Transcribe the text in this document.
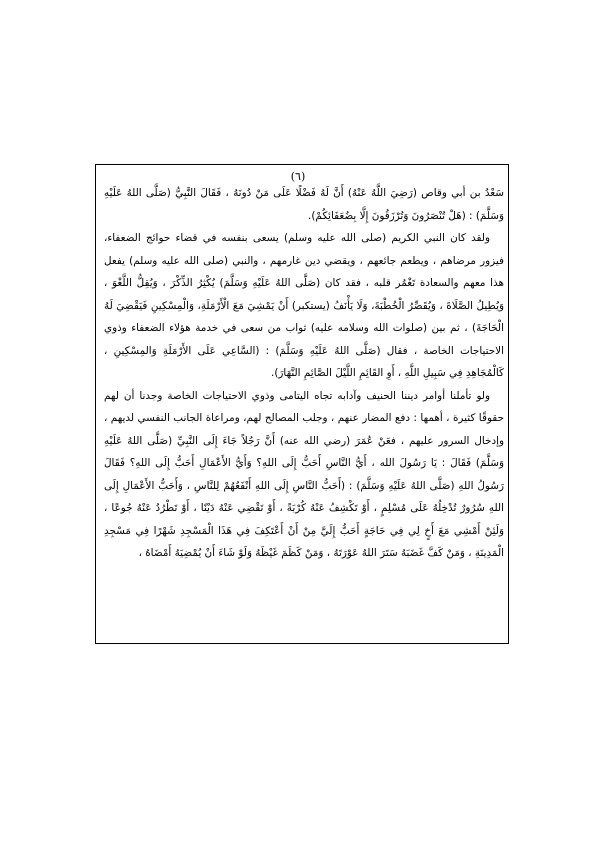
(٦)

سَعْدُ بن أبي وقاص (رَضِيَ اللَّهُ عَنْهُ) أَنَّ لَهُ فَضْلًا عَلَى مَنْ دُونَهُ ، فَقَالَ النَّبِيُّ (صَلَّى اللهُ عَلَيْهِ وَسَلَّمَ) : (هَلْ تُنْصَرُونَ وَتُرْزَقُونَ إِلَّا بِضُعَفَائِكُمْ).

ولقد كان النبي الكريم (صلى الله عليه وسلم) يسعى بنفسه في قضاء حوائج الضعفاء، فيزور مرضاهم ، ويطعم جائعهم ، ويقضي دين غارمهم ، والنبي (صلى الله عليه وسلم) يفعل هذا معهم والسعادة تَغْمُر قلبه ، فقد كان (صَلَّى اللهُ عَلَيْهِ وَسَلَّمَ) يُكْثِرُ الذِّكْرَ ، وَيُقِلُّ اللَّغْوَ ، وَيُطِيلُ الصَّلَاةَ ، وَيُقَصِّرُ الْخُطْبَةَ، وَلَا يَأْنَفُ (يستكبر) أَنْ يَمْشِيَ مَعَ الْأَرْمَلَةِ، وَالْمِسْكِينِ فَيَقْضِيَ لَهُ الْحَاجَةَ) ، ثم بين (صلوات الله وسلامه عليه) ثواب من سعى في خدمة هؤلاء الضعفاء وذوي الاحتياجات الخاصة ، فقال (صَلَّى اللهُ عَلَيْهِ وَسَلَّمَ) : (السَّاعِي عَلَى الأَرْمَلَةِ وَالمِسْكِينِ ، كَالْمُجَاهِدِ فِي سَبِيلِ اللَّهِ ، أَوِ القَائِمِ اللَّيْلَ الصَّائِمِ النَّهَارَ).

ولو تأملنا أوامر ديننا الحنيف وآدابه تجاه اليتامى وذوي الاحتياجات الخاصة وجدنا أن لهم حقوقًا كثيرة ، أهمها : دفع المضار عنهم ، وجلب المصالح لهم، ومراعاة الجانب النفسي لديهم ، وإدخال السرور عليهم ، فعَنْ عُمَرَ (رضي الله عنه) أَنَّ رَجُلاً جَاءَ إِلَى النَّبِيِّ (صَلَّى اللهُ عَلَيْهِ وَسَلَّمَ) فَقَالَ : يَا رَسُولَ الله ، أَيُّ النَّاسِ أَحَبُّ إِلَى اللهِ؟ وَأَيُّ الأَعْمَالِ أَحَبُّ إِلَى اللهِ؟ فَقَالَ رَسُولُ اللهِ (صَلَّى اللهُ عَلَيْهِ وَسَلَّمَ) : (أَحَبُّ النَّاسِ إِلَى اللهِ أَنْفَعُهُمْ لِلنَّاسِ ، وَأَحَبُّ الأَعْمَالِ إِلَى اللهِ سُرُورٌ تُدْخِلُهُ عَلَى مُسْلِمٍ ، أَوْ تَكْشِفُ عَنْهُ كُرْبَةً ، أَوْ تَقْضِي عَنْهُ دَيْنًا ، أَوْ تَطْرُدُ عَنْهُ جُوعًا ، وَلَئِنْ أَمْشِي مَعَ أَخٍ لِي فِي حَاجَةٍ أَحَبُّ إِلَيَّ مِنْ أَنْ أَعْتَكِفَ فِي هَذَا الْمَسْجِدِ شَهْرًا فِي مَسْجِدِ الْمَدِينَةِ ، وَمَنْ كَفَّ غَضَبَهُ سَتَرَ اللهُ عَوْرَتَهُ ، وَمَنْ كَظَمَ غَيْظَهُ وَلَوْ شَاءَ أَنْ يُمْضِيَهُ أَمْضَاهُ ،
